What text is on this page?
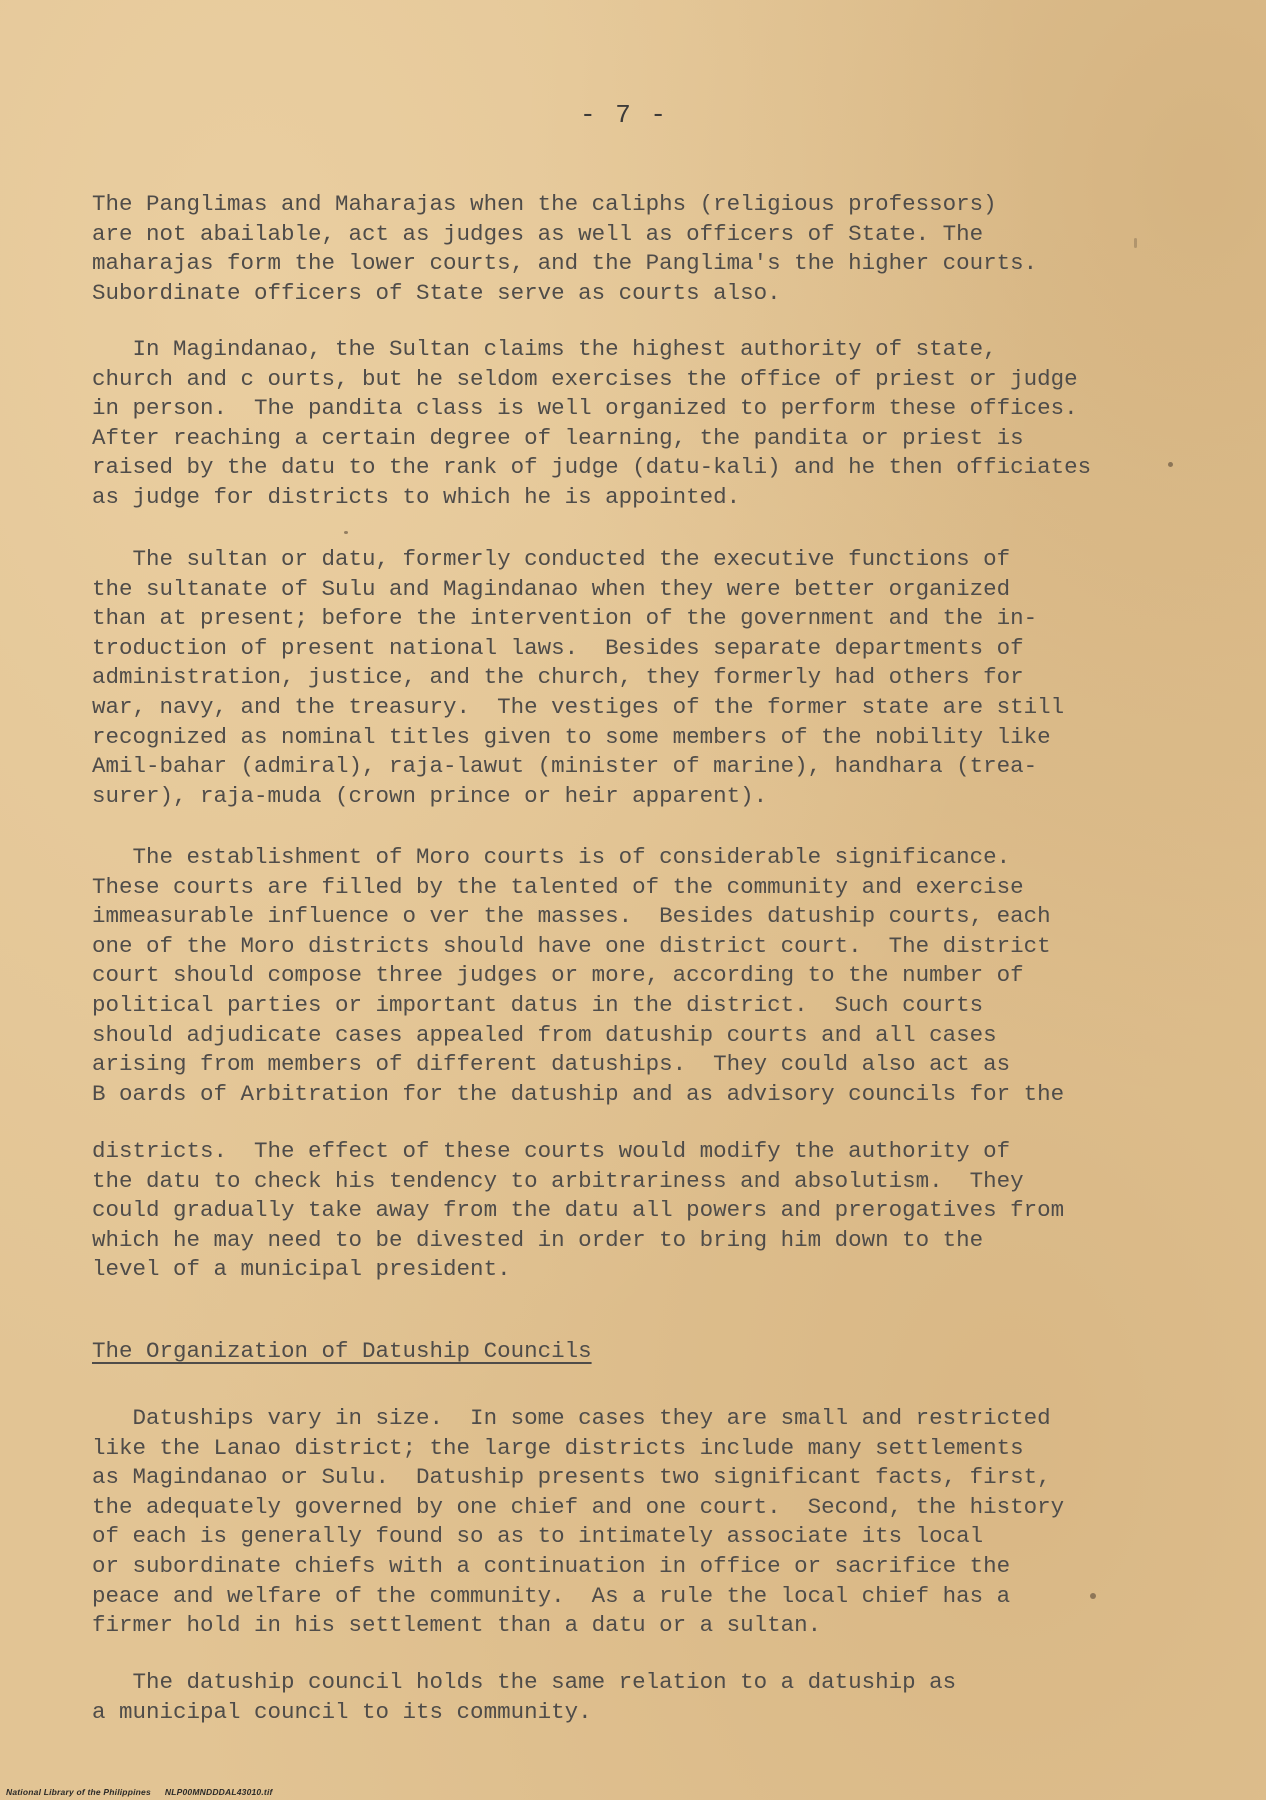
- 7 -

The Panglimas and Maharajas when the caliphs (religious professors)
are not abailable, act as judges as well as officers of State. The
maharajas form the lower courts, and the Panglima's the higher courts.
Subordinate officers of State serve as courts also.

In Magindanao, the Sultan claims the highest authority of state,
church and c ourts, but he seldom exercises the office of priest or judge
in person.  The pandita class is well organized to perform these offices.
After reaching a certain degree of learning, the pandita or priest is
raised by the datu to the rank of judge (datu-kali) and he then officiates
as judge for districts to which he is appointed.

The sultan or datu, formerly conducted the executive functions of
the sultanate of Sulu and Magindanao when they were better organized
than at present; before the intervention of the government and the in-
troduction of present national laws.  Besides separate departments of
administration, justice, and the church, they formerly had others for
war, navy, and the treasury.  The vestiges of the former state are still
recognized as nominal titles given to some members of the nobility like
Amil-bahar (admiral), raja-lawut (minister of marine), handhara (trea-
surer), raja-muda (crown prince or heir apparent).

The establishment of Moro courts is of considerable significance.
These courts are filled by the talented of the community and exercise
immeasurable influence o ver the masses.  Besides datuship courts, each
one of the Moro districts should have one district court.  The district
court should compose three judges or more, according to the number of
political parties or important datus in the district.  Such courts
should adjudicate cases appealed from datuship courts and all cases
arising from members of different datuships.  They could also act as
B oards of Arbitration for the datuship and as advisory councils for the

districts.  The effect of these courts would modify the authority of
the datu to check his tendency to arbitrariness and absolutism.  They
could gradually take away from the datu all powers and prerogatives from
which he may need to be divested in order to bring him down to the
level of a municipal president.

The Organization of Datuship Councils

Datuships vary in size.  In some cases they are small and restricted
like the Lanao district; the large districts include many settlements
as Magindanao or Sulu.  Datuship presents two significant facts, first,
the adequately governed by one chief and one court.  Second, the history
of each is generally found so as to intimately associate its local
or subordinate chiefs with a continuation in office or sacrifice the
peace and welfare of the community.  As a rule the local chief has a
firmer hold in his settlement than a datu or a sultan.

The datuship council holds the same relation to a datuship as
a municipal council to its community.

National Library of the Philippines NLP00MNDDDAL43010.tif
